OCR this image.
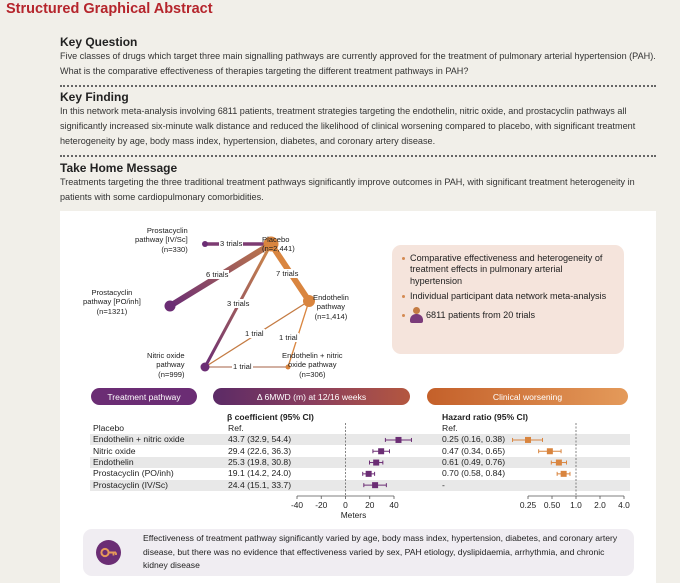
Structured Graphical Abstract
Key Question

Five classes of drugs which target three main signalling pathways are currently approved for the treatment of pulmonary arterial hypertension (PAH). What is the comparative effectiveness of therapies targeting the different treatment pathways in PAH?

Key Finding

In this network meta-analysis involving 6811 patients, treatment strategies targeting the endothelin, nitric oxide, and prostacyclin pathways all significantly increased six-minute walk distance and reduced the likelihood of clinical worsening compared to placebo, with significant treatment heterogeneity by age, body mass index, hypertension, diabetes, and coronary artery disease.

Take Home Message

Treatments targeting the three traditional treatment pathways significantly improve outcomes in PAH, with significant treatment heterogeneity in patients with some cardiopulmonary comorbidities.

Placebo
(n=2,441)
Prostacyclin
pathway [IV/Sc]
(n=330)
Prostacyclin
pathway [PO/inh]
(n=1321)
Endothelin
pathway
(n=1,414)
Nitric oxide
pathway
(n=999)
Endothelin + nitric
oxide pathway
(n=306)
3 trials
6 trials	7 trials
3 trials
1 trial 1 trial
1 trial
Comparative effectiveness and heterogeneity of treatment effects in pulmonary arterial hypertension
Individual participant data network meta-analysis
6811 patients from 20 trials
Treatment pathway	Δ 6MWD (m) at 12/16 weeks	Clinical worsening
β coefficient (95% CI)	Hazard ratio (95% CI)
Placebo	Ref.	Ref.
Endothelin + nitric oxide	43.7 (32.9, 54.4)	0.25 (0.16, 0.38)
Nitric oxide	29.4 (22.6, 36.3)	0.47 (0.34, 0.65)
Endothelin	25.3 (19.8, 30.8)	0.61 (0.49, 0.76)
Prostacyclin (PO/inh)	19.1 (14.2, 24.0)	0.70 (0.58, 0.84)
Prostacyclin (IV/Sc)	24.4 (15.1, 33.7)	-
-40 -20 0 20 40
Meters
0.25 0.50 1.0 2.0 4.0
Effectiveness of treatment pathway significantly varied by age, body mass index, hypertension, diabetes, and coronary artery disease, but there was no evidence that effectiveness varied by sex, PAH etiology, dyslipidaemia, arrhythmia, and chronic kidney disease
